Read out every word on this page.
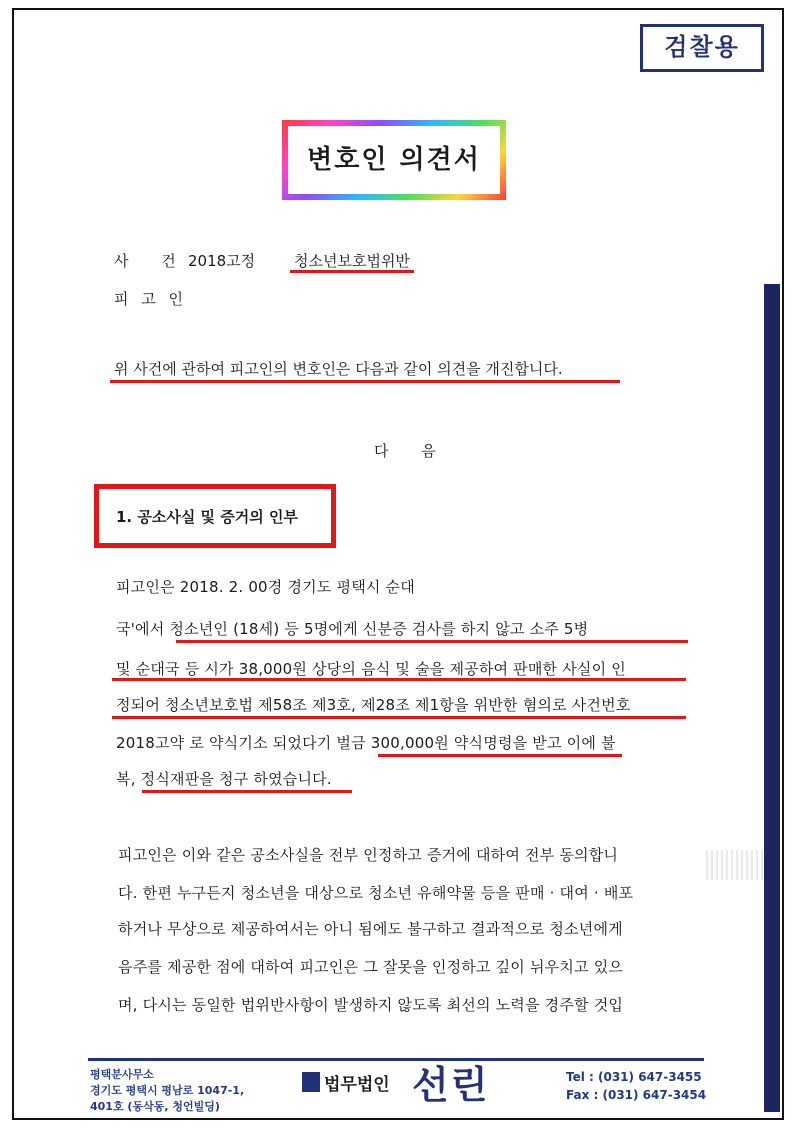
검찰용
변호인 의견서
사 건
2018고정	청소년보호법위반
피 고 인
위 사건에 관하여 피고인의 변호인은 다음과 같이 의견을 개진합니다.
다 음
1. 공소사실 및 증거의 인부
피고인은 2018. 2. 00경 경기도 평택시 순대
국'에서 청소년인 (18세) 등 5명에게 신분증 검사를 하지 않고 소주 5병
및 순대국 등 시가 38,000원 상당의 음식 및 술을 제공하여 판매한 사실이 인
정되어 청소년보호법 제58조 제3호, 제28조 제1항을 위반한 혐의로 사건번호
2018고약 로 약식기소 되었다기 벌금 300,000원 약식명령을 받고 이에 불
복, 정식재판을 청구 하였습니다.
피고인은 이와 같은 공소사실을 전부 인정하고 증거에 대하여 전부 동의합니
다. 한편 누구든지 청소년을 대상으로 청소년 유해약물 등을 판매 · 대여 · 배포
하거나 무상으로 제공하여서는 아니 됨에도 불구하고 결과적으로 청소년에게
음주를 제공한 점에 대하여 피고인은 그 잘못을 인정하고 깊이 뉘우치고 있으
며, 다시는 동일한 법위반사항이 발생하지 않도록 최선의 노력을 경주할 것입
평택분사무소
경기도 평택시 평남로 1047-1,
401호 (동삭동, 청언빌딩)
법무법인 선린	Tel : (031) 647-3455
Fax : (031) 647-3454
